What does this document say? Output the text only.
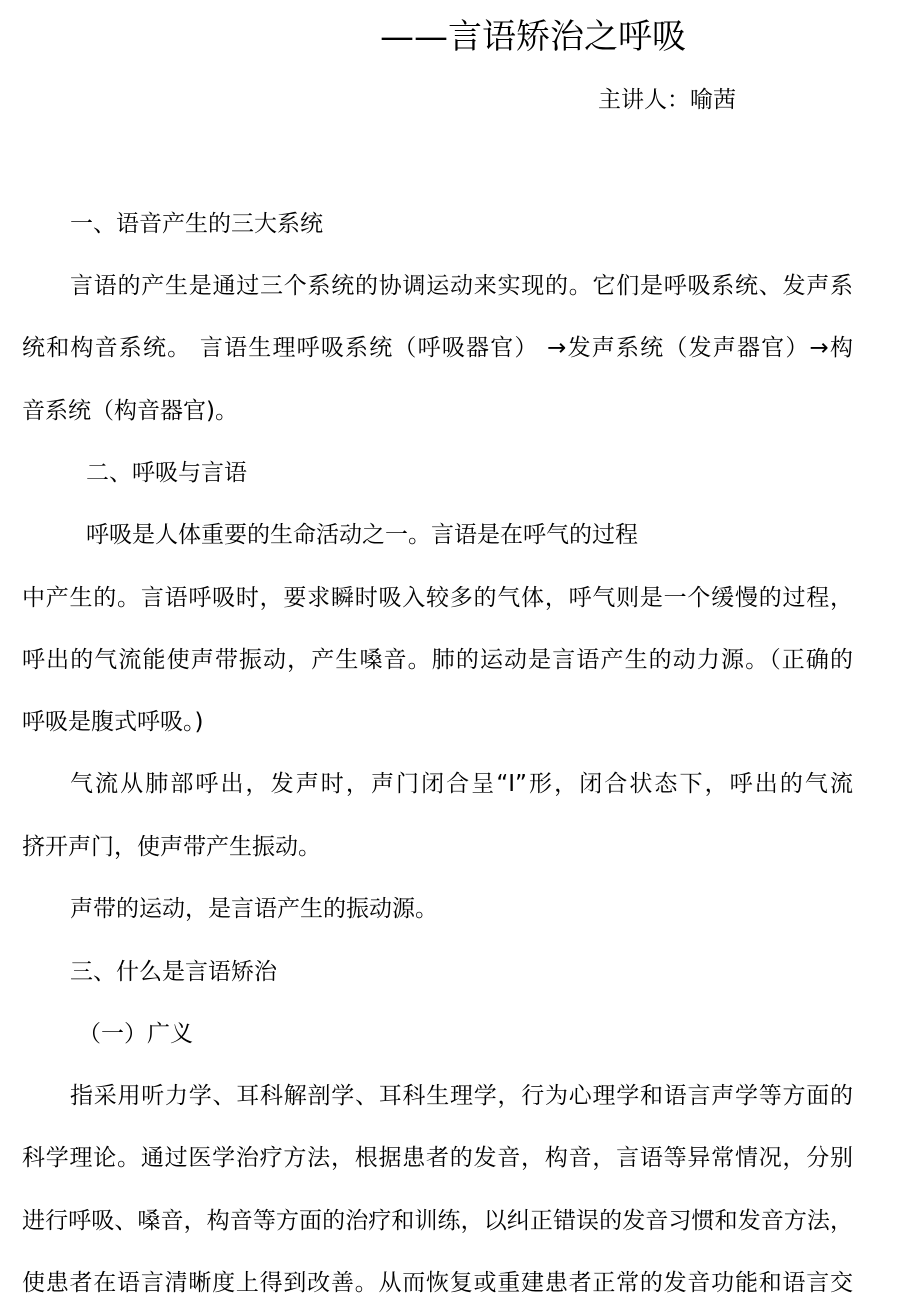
——言语矫治之呼吸
主讲人：喻茜
一、语音产生的三大系统
言语的产生是通过三个系统的协调运动来实现的。它们是呼吸系统、发声系
统和构音系统。 言语生理呼吸系统（呼吸器官） →发声系统（发声器官）→构
音系统（构音器官)。
二、呼吸与言语
呼吸是人体重要的生命活动之一。言语是在呼气的过程
中产生的。言语呼吸时，要求瞬时吸入较多的气体，呼气则是一个缓慢的过程，
呼出的气流能使声带振动，产生嗓音。肺的运动是言语产生的动力源。（正确的
呼吸是腹式呼吸。)
气流从肺部呼出，发声时，声门闭合呈“I”形，闭合状态下，呼出的气流
挤开声门，使声带产生振动。
声带的运动，是言语产生的振动源。
三、什么是言语矫治
（一）广义
指采用听力学、耳科解剖学、耳科生理学，行为心理学和语言声学等方面的
科学理论。通过医学治疗方法，根据患者的发音，构音，言语等异常情况，分别
进行呼吸、嗓音，构音等方面的治疗和训练，以纠正错误的发音习惯和发音方法，
使患者在语言清晰度上得到改善。从而恢复或重建患者正常的发音功能和语言交
